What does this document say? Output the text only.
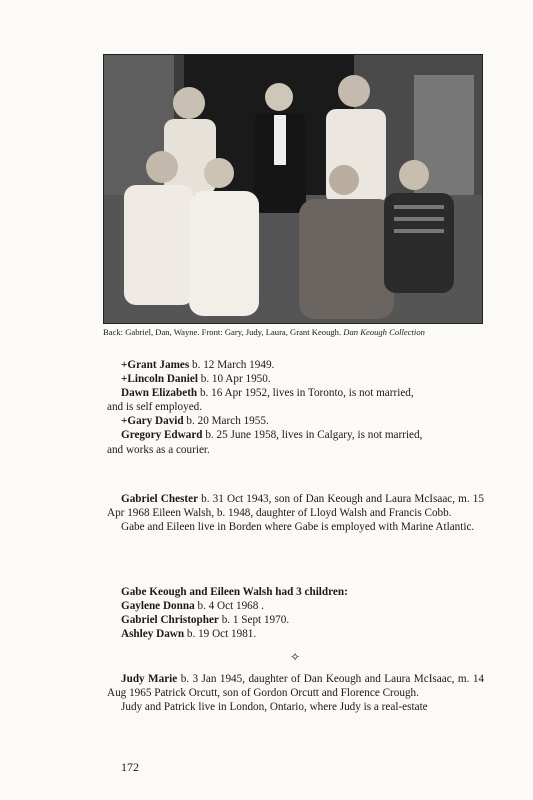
Back: Gabriel, Dan, Wayne. Front: Gary, Judy, Laura, Grant Keough. Dan Keough Collection

+Grant James b. 12 March 1949.

+Lincoln Daniel b. 10 Apr 1950.

Dawn Elizabeth b. 16 Apr 1952, lives in Toronto, is not married,

and is self employed.

+Gary David b. 20 March 1955.

Gregory Edward b. 25 June 1958, lives in Calgary, is not married,

and works as a courier.

Gabriel Chester b. 31 Oct 1943, son of Dan Keough and Laura McIsaac, m. 15 Apr 1968 Eileen Walsh, b. 1948, daughter of Lloyd Walsh and Francis Cobb.

Gabe and Eileen live in Borden where Gabe is employed with Marine Atlantic.

Gabe Keough and Eileen Walsh had 3 children:

Gaylene Donna b. 4 Oct 1968 .

Gabriel Christopher b. 1 Sept 1970.

Ashley Dawn b. 19 Oct 1981.

✧

Judy Marie b. 3 Jan 1945, daughter of Dan Keough and Laura McIsaac, m. 14 Aug 1965 Patrick Orcutt, son of Gordon Orcutt and Florence Crough.

Judy and Patrick live in London, Ontario, where Judy is a real-estate

172
